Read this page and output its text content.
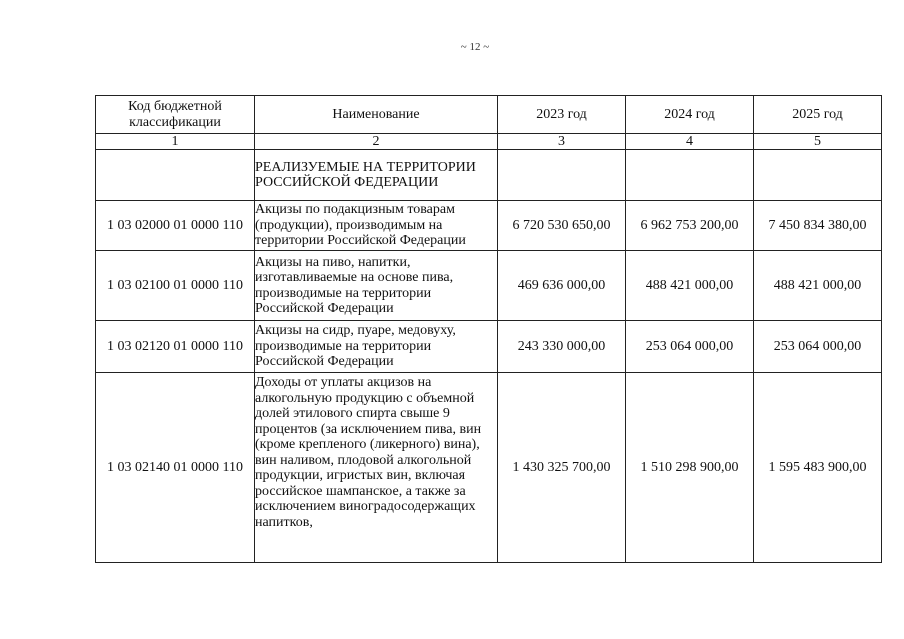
~ 12 ~
Код бюджетной классификации	Наименование	2023 год	2024 год	2025 год
1	2	3	4	5
	РЕАЛИЗУЕМЫЕ НА ТЕРРИТОРИИ РОССИЙСКОЙ ФЕДЕРАЦИИ			
1 03 02000 01 0000 110	Акцизы по подакцизным товарам (продукции), производимым на территории Российской Федерации	6 720 530 650,00	6 962 753 200,00	7 450 834 380,00
1 03 02100 01 0000 110	Акцизы на пиво, напитки, изготавливаемые на основе пива, производимые на территории Российской Федерации	469 636 000,00	488 421 000,00	488 421 000,00
1 03 02120 01 0000 110	Акцизы на сидр, пуаре, медовуху, производимые на территории Российской Федерации	243 330 000,00	253 064 000,00	253 064 000,00
1 03 02140 01 0000 110	Доходы от уплаты акцизов на алкогольную продукцию с объемной долей этилового спирта свыше 9 процентов (за исключением пива, вин (кроме крепленого (ликерного) вина), вин наливом, плодовой алкогольной продукции, игристых вин, включая российское шампанское, а также за исключением виноградосодержащих напитков,	1 430 325 700,00	1 510 298 900,00	1 595 483 900,00
